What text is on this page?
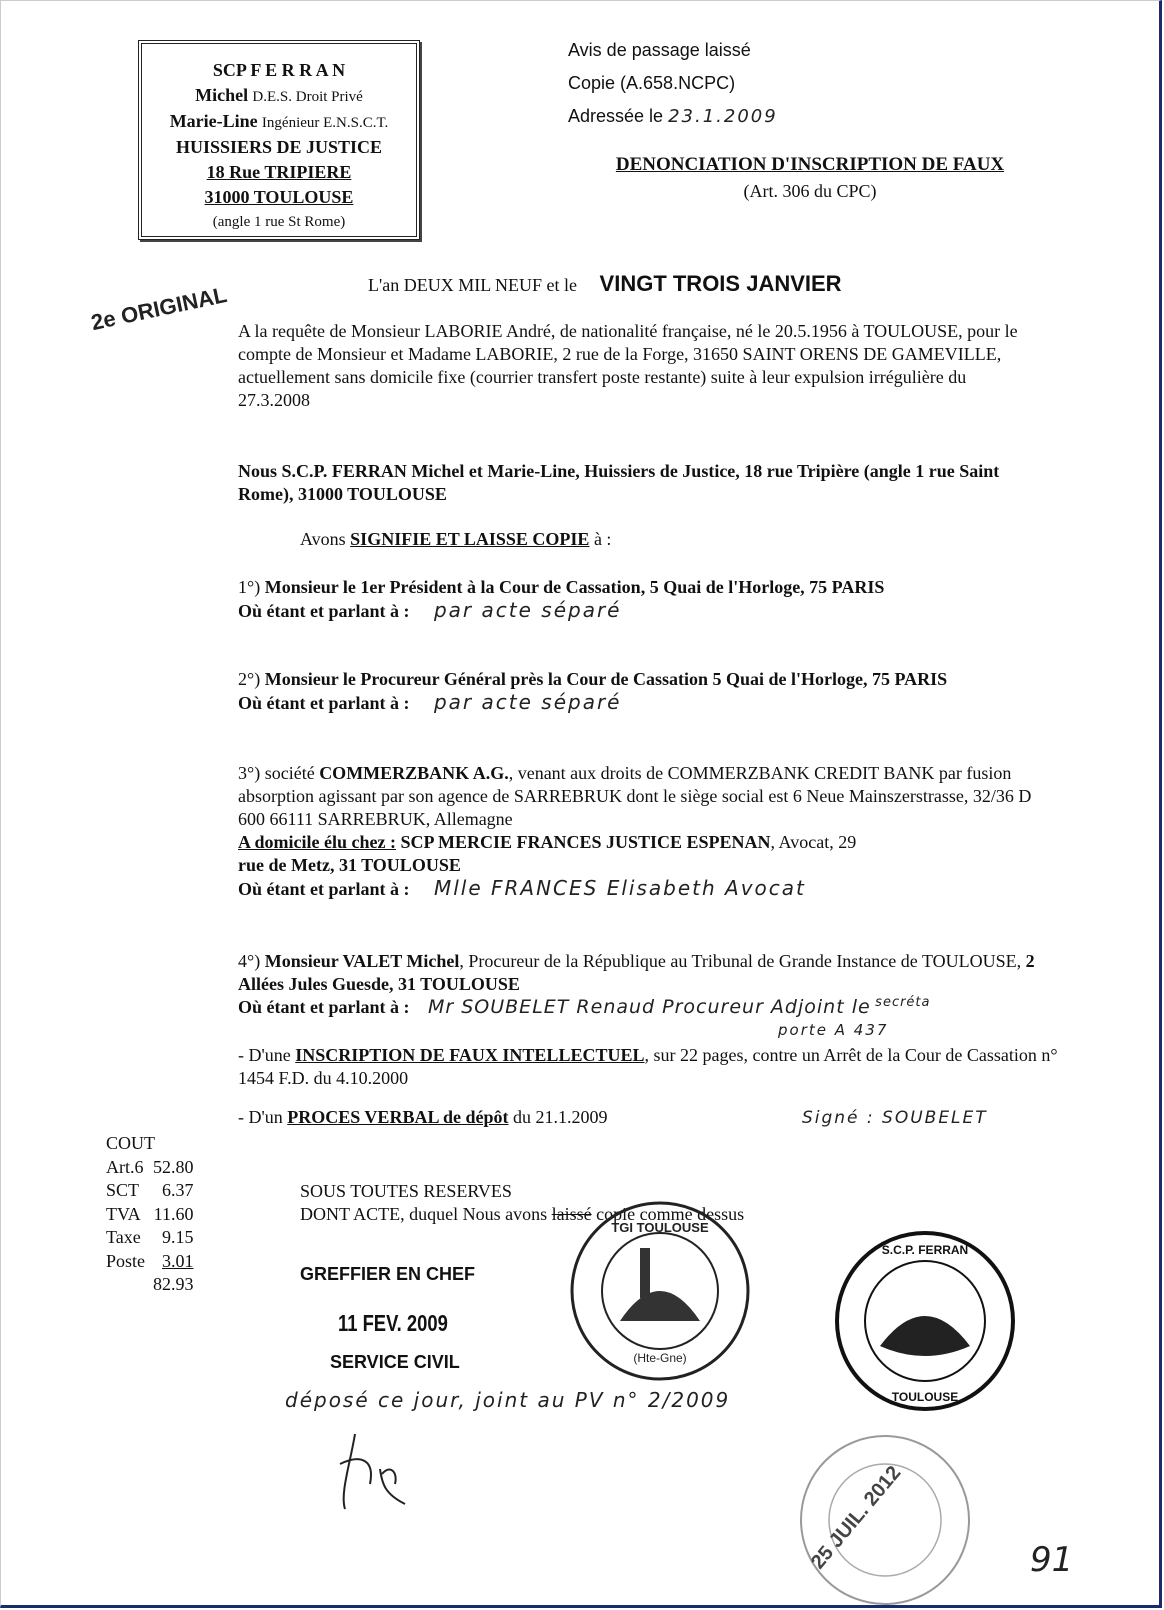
SCP F E R R A N
Michel D.E.S. Droit Privé
Marie-Line Ingénieur E.N.S.C.T.
HUISSIERS DE JUSTICE
18 Rue TRIPIERE
31000 TOULOUSE
(angle 1 rue St Rome)
Avis de passage laissé
Copie (A.658.NCPC)
Adressée le 23.1.2009
DENONCIATION D'INSCRIPTION DE FAUX
(Art. 306 du CPC)
2e ORIGINAL	L'an DEUX MIL NEUF et le VINGT TROIS JANVIER
A la requête de Monsieur LABORIE André, de nationalité française, né le 20.5.1956 à TOULOUSE, pour le compte de Monsieur et Madame LABORIE, 2 rue de la Forge, 31650 SAINT ORENS DE GAMEVILLE, actuellement sans domicile fixe (courrier transfert poste restante) suite à leur expulsion irrégulière du 27.3.2008
Nous S.C.P. FERRAN Michel et Marie-Line, Huissiers de Justice, 18 rue Tripière (angle 1 rue Saint Rome), 31000 TOULOUSE
Avons SIGNIFIE ET LAISSE COPIE à :

1°) Monsieur le 1er Président à la Cour de Cassation, 5 Quai de l'Horloge, 75 PARIS

Où étant et parlant à : par acte séparé

2°) Monsieur le Procureur Général près la Cour de Cassation 5 Quai de l'Horloge, 75 PARIS

Où étant et parlant à : par acte séparé

3°) société COMMERZBANK A.G., venant aux droits de COMMERZBANK CREDIT BANK par fusion absorption agissant par son agence de SARREBRUK dont le siège social est 6 Neue Mainszerstrasse, 32/36 D 600 66111 SARREBRUK, Allemagne

A domicile élu chez : SCP MERCIE FRANCES JUSTICE ESPENAN, Avocat, 29

rue de Metz, 31 TOULOUSE

Où étant et parlant à : Mlle FRANCES Elisabeth Avocat

4°) Monsieur VALET Michel, Procureur de la République au Tribunal de Grande Instance de TOULOUSE, 2 Allées Jules Guesde, 31 TOULOUSE

Où étant et parlant à : Mr SOUBELET Renaud Procureur Adjoint le $^{secréta}$

porte A 437

- D'une INSCRIPTION DE FAUX INTELLECTUEL, sur 22 pages, contre un Arrêt de la Cour de Cassation n° 1454 F.D. du 4.10.2000
- D'un PROCES VERBAL de dépôt du 21.1.2009	Signé : SOUBELET
COUT	
Art.6	52.80
SCT	6.37
TVA	11.60
Taxe	9.15
Poste	3.01
	82.93

SOUS TOUTES RESERVES

DONT ACTE, duquel Nous avons laissé copie comme dessus

GREFFIER EN CHEF
11 FEV. 2009
SERVICE CIVIL
déposé ce jour, joint au PV n° 2/2009
TGI TOULOUSE
(Hte-Gne)
S.C.P. FERRAN
TOULOUSE
25 JUIL. 2012	91
